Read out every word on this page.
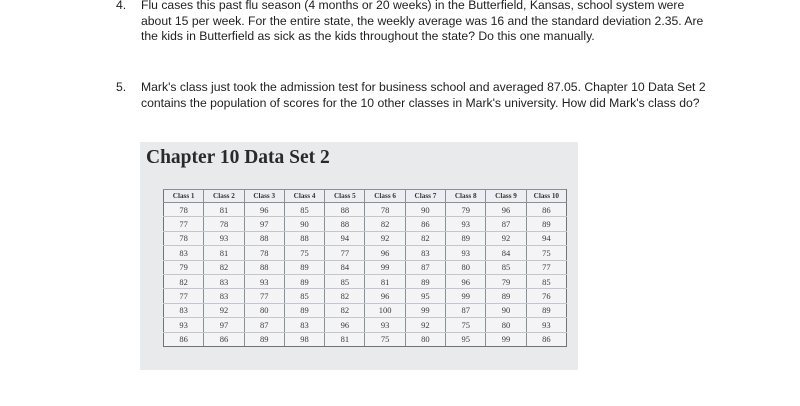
4. Flu cases this past flu season (4 months or 20 weeks) in the Butterfield, Kansas, school system were about 15 per week. For the entire state, the weekly average was 16 and the standard deviation 2.35. Are the kids in Butterfield as sick as the kids throughout the state? Do this one manually.
5. Mark's class just took the admission test for business school and averaged 87.05. Chapter 10 Data Set 2 contains the population of scores for the 10 other classes in Mark's university. How did Mark's class do?
Chapter 10 Data Set 2
Class 1	Class 2	Class 3	Class 4	Class 5	Class 6	Class 7	Class 8	Class 9	Class 10
78	81	96	85	88	78	90	79	96	86
77	78	97	90	88	82	86	93	87	89
78	93	88	88	94	92	82	89	92	94
83	81	78	75	77	96	83	93	84	75
79	82	88	89	84	99	87	80	85	77
82	83	93	89	85	81	89	96	79	85
77	83	77	85	82	96	95	99	89	76
83	92	80	89	82	100	99	87	90	89
93	97	87	83	96	93	92	75	80	93
86	86	89	98	81	75	80	95	99	86
